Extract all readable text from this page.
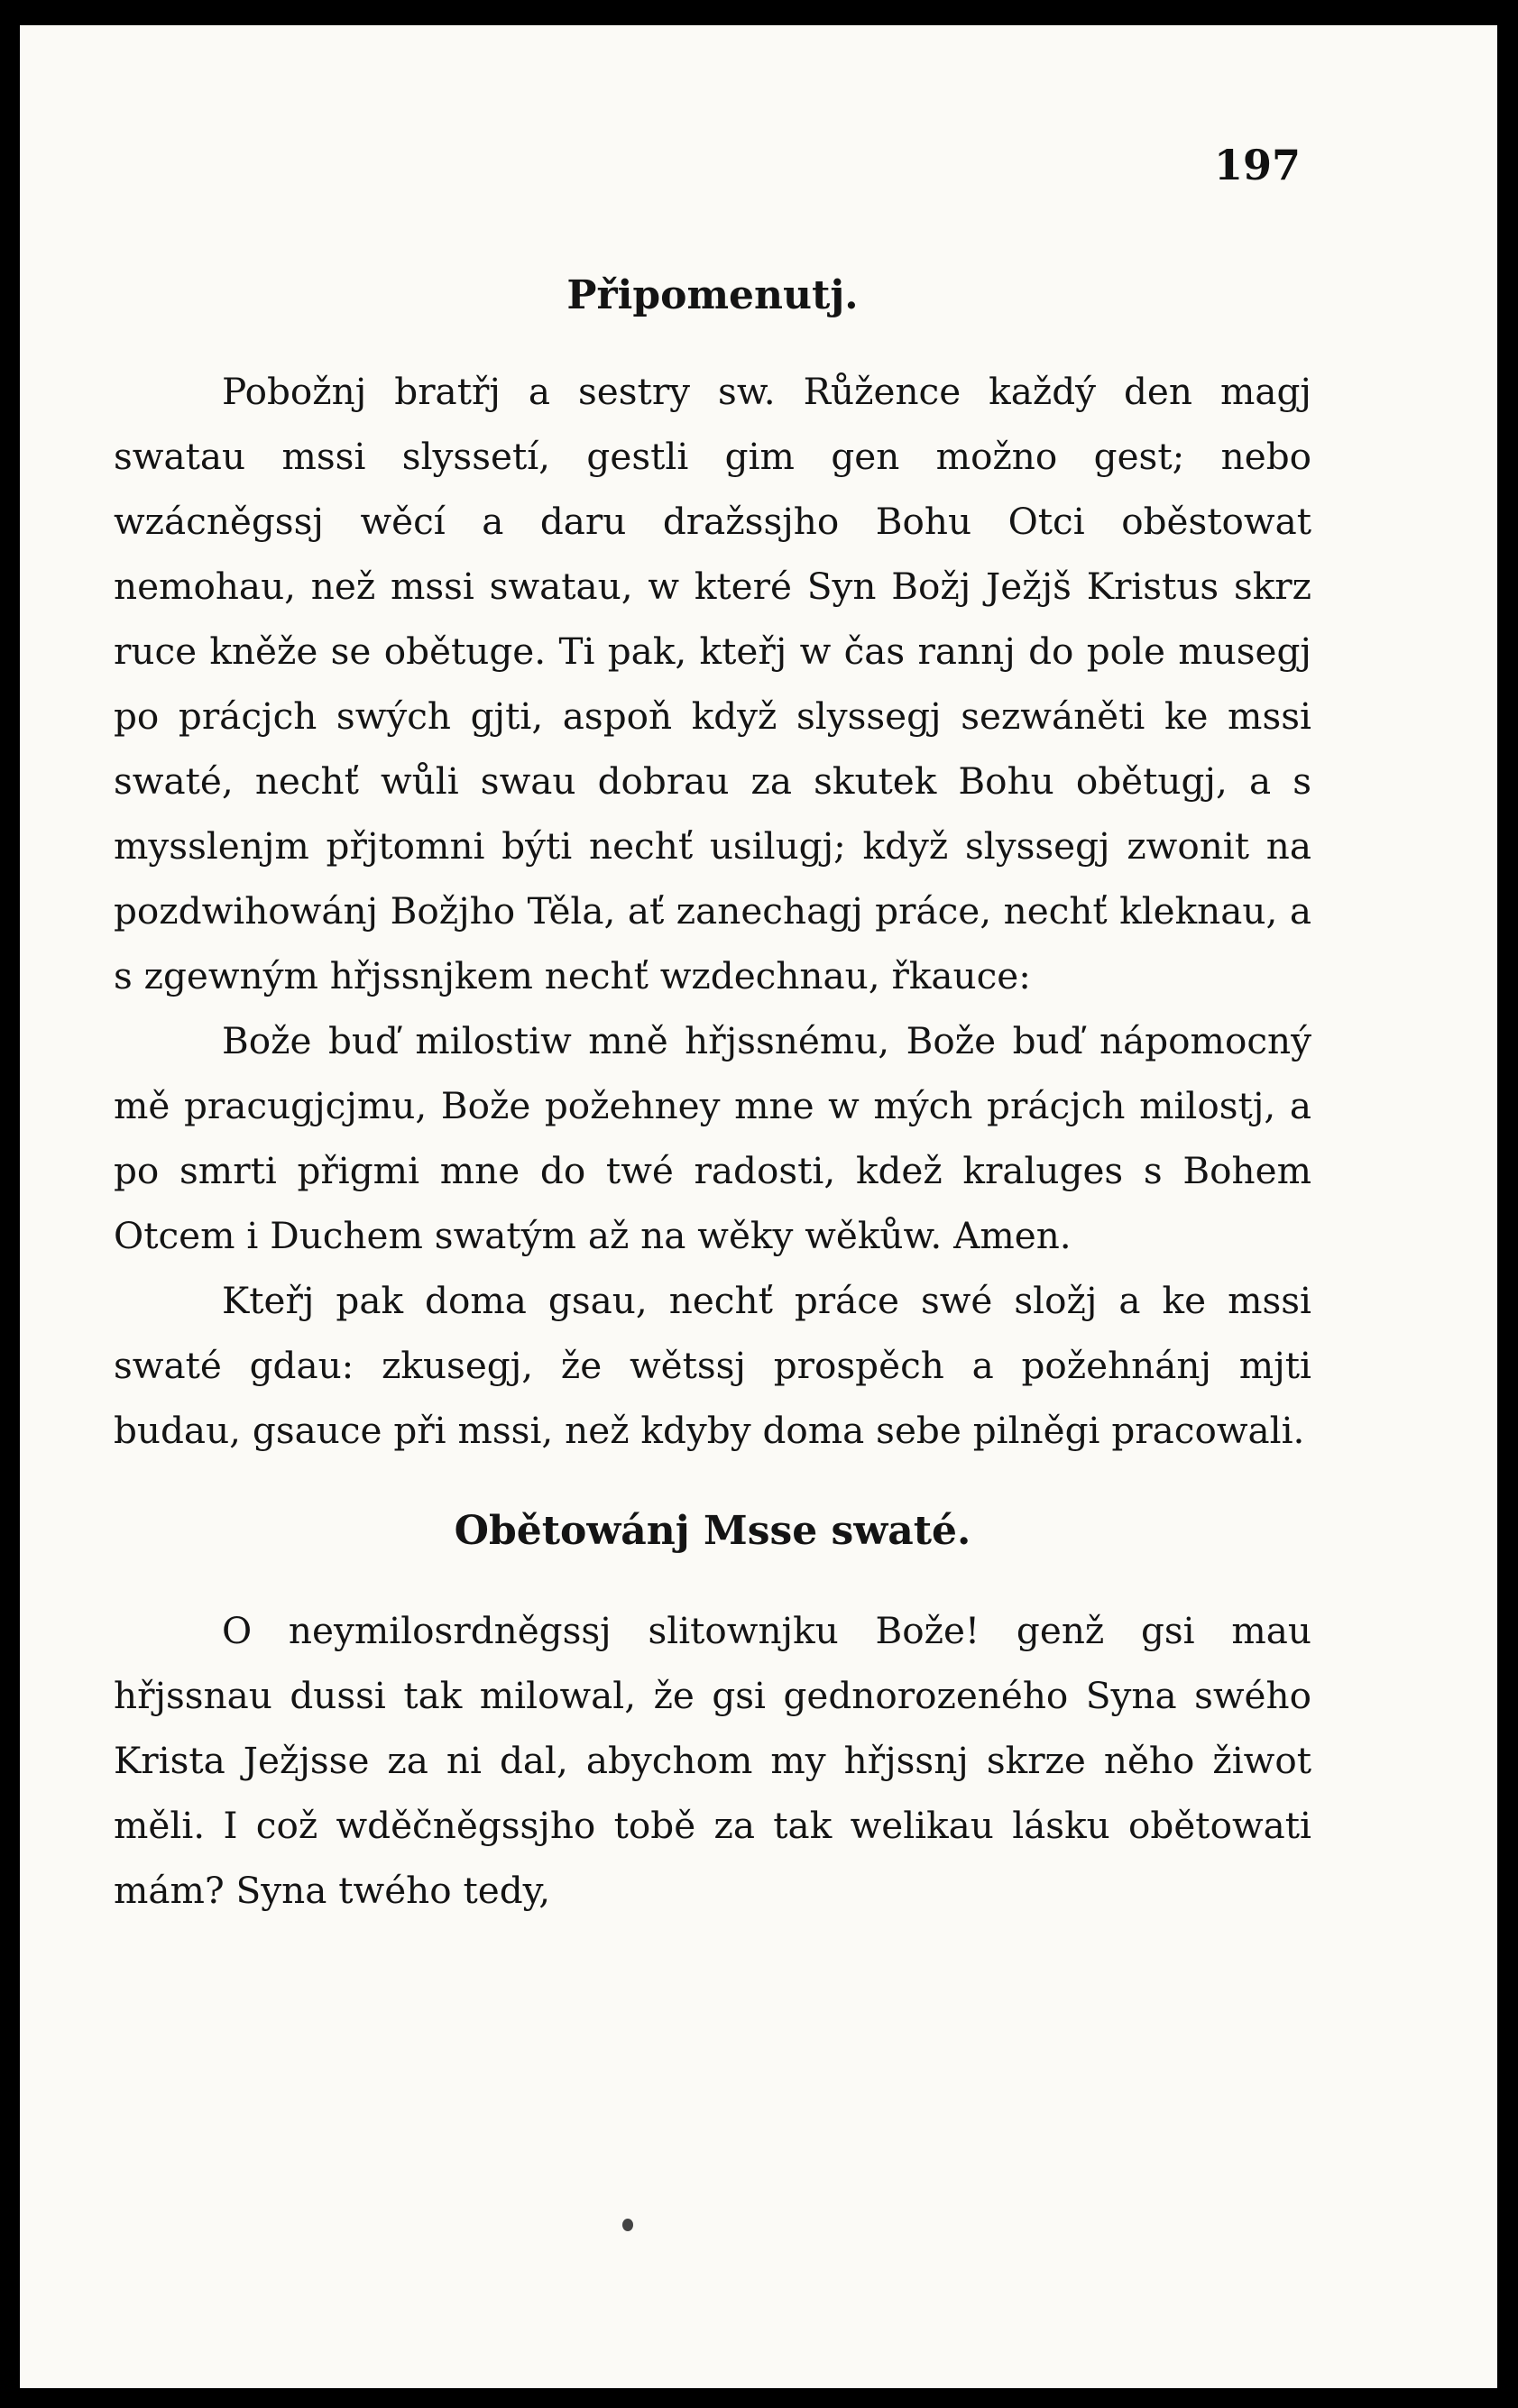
197
Připomenutj.

Pobožnj bratřj a sestry sw. Růžence každý den magj swatau mssi slyssetí, gestli gim gen možno gest; nebo wzácněgssj wěcí a daru dražssjho Bohu Otci oběstowat nemohau, než mssi swatau, w které Syn Božj Ježjš Kristus skrz ruce kněže se obětuge. Ti pak, kteřj w čas rannj do pole musegj po prácjch swých gjti, aspoň když slyssegj sezwáněti ke mssi swaté, nechť wůli swau dobrau za skutek Bohu obětugj, a s mysslenjm přjtomni býti nechť usilugj; když slyssegj zwonit na pozdwihowánj Božjho Těla, ať zanechagj práce, nechť kleknau, a s zgewným hřjssnjkem nechť wzdechnau, řkauce:

Bože buď milostiw mně hřjssnému, Bože buď nápomocný mě pracugjcjmu, Bože požehney mne w mých prácjch milostj, a po smrti přigmi mne do twé radosti, kdež kraluges s Bohem Otcem i Duchem swatým až na wěky wěkůw. Amen.

Kteřj pak doma gsau, nechť práce swé složj a ke mssi swaté gdau: zkusegj, že wětssj prospěch a požehnánj mjti budau, gsauce při mssi, než kdyby doma sebe pilněgi pracowali.

Obětowánj Msse swaté.

O neymilosrdněgssj slitownjku Bože! genž gsi mau hřjssnau dussi tak milowal, že gsi gednorozeného Syna swého Krista Ježjsse za ni dal, abychom my hřjssnj skrze něho žiwot měli. I což wděčněgssjho tobě za tak welikau lásku obětowati mám? Syna twého tedy,
